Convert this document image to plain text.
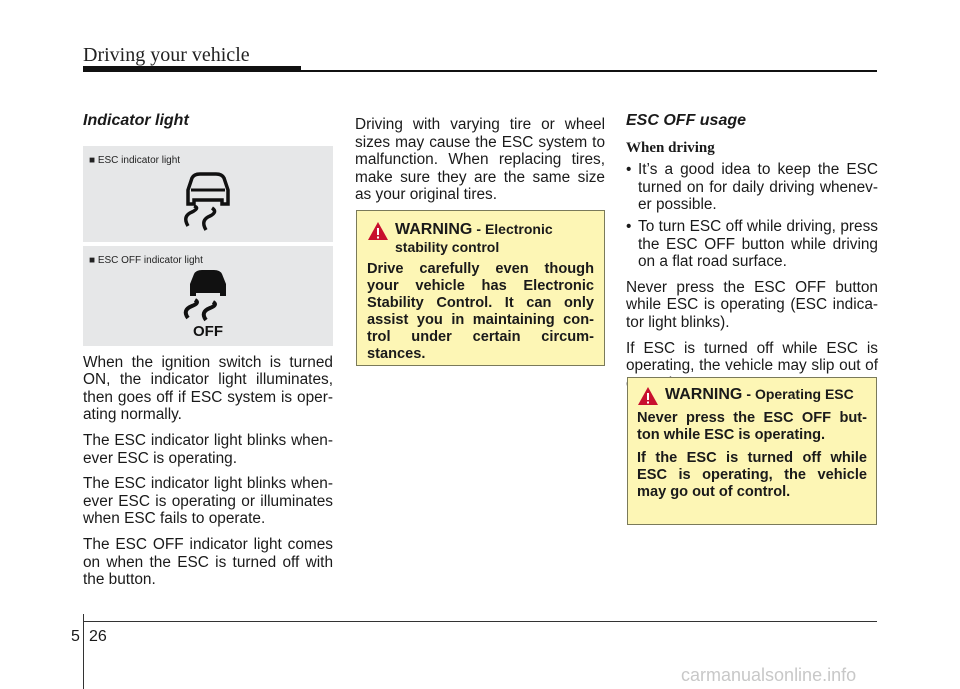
Driving your vehicle
Indicator light
■ ESC indicator light
■ ESC OFF indicator light
OFF

When the ignition switch is turned ON, the indicator light illuminates, then goes off if ESC system is oper- ating normally.

The ESC indicator light blinks when- ever ESC is operating.

The ESC indicator light blinks when- ever ESC is operating or illuminates when ESC fails to operate.

The ESC OFF indicator light comes on when the ESC is turned off with the button.

Driving with varying tire or wheel sizes may cause the ESC system to malfunction. When replacing tires, make sure they are the same size as your original tires.

WARNING - Electronic stability control

Drive carefully even though your vehicle has Electronic Stability Control. It can only assist you in maintaining con- trol under certain circum- stances.

ESC OFF usage
When driving
• It’s a good idea to keep the ESC turned on for daily driving whenev- er possible.
• To turn ESC off while driving, press the ESC OFF button while driving on a flat road surface.

Never press the ESC OFF button while ESC is operating (ESC indica- tor light blinks).

If ESC is turned off while ESC is operating, the vehicle may slip out of

WARNING - Operating ESC

Never press the ESC OFF but- ton while ESC is operating.

If the ESC is turned off while ESC is operating, the vehicle may go out of control.

5 26
carmanualsonline.info
